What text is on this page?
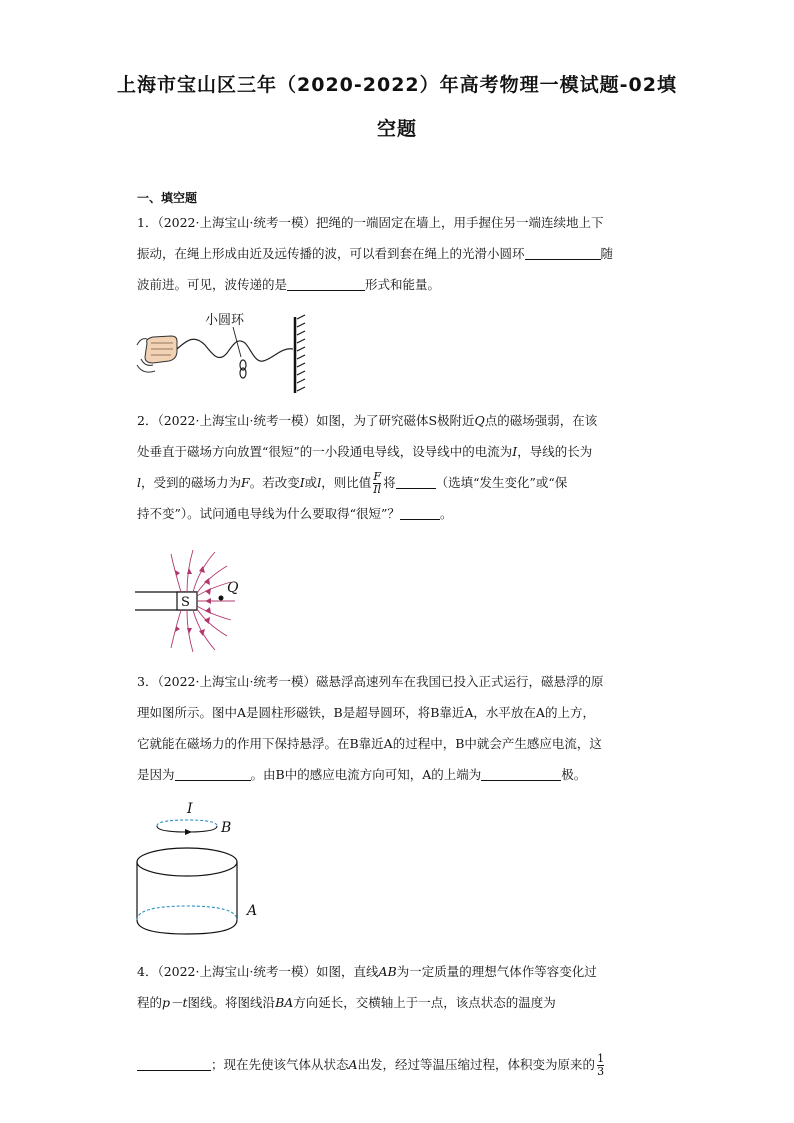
上海市宝山区三年（2020-2022）年高考物理一模试题-02填
空题
一、填空题
1．（2022·上海宝山·统考一模）把绳的一端固定在墙上，用手握住另一端连续地上下
振动，在绳上形成由近及远传播的波，可以看到套在绳上的光滑小圆环	随
波前进。可见，波传递的是	形式和能量。
小圆环
2．（2022·上海宝山·统考一模）如图，为了研究磁体S极附近Q点的磁场强弱，在该
处垂直于磁场方向放置“很短”的一小段通电导线，设导线中的电流为I，导线的长为
l，受到的磁场力为F。若改变I或l，则比值 $\frac{F}{Il}$ 将	（选填“发生变化”或“保
持不变”）。试问通电导线为什么要取得“很短”？	。
S
Q
3．（2022·上海宝山·统考一模）磁悬浮高速列车在我国已投入正式运行，磁悬浮的原
理如图所示。图中A是圆柱形磁铁，B是超导圆环，将B靠近A，水平放在A的上方，
它就能在磁场力的作用下保持悬浮。在B靠近A的过程中，B中就会产生感应电流，这
是因为	。由B中的感应电流方向可知，A的上端为	极。
I
B
A
4．（2022·上海宝山·统考一模）如图，直线AB为一定质量的理想气体作等容变化过
程的p－t图线。将图线沿BA方向延长，交横轴上于一点，该点状态的温度为

；现在先使该气体从状态A出发，经过等温压缩过程，体积变为原来的 $\frac{1}{3}$
